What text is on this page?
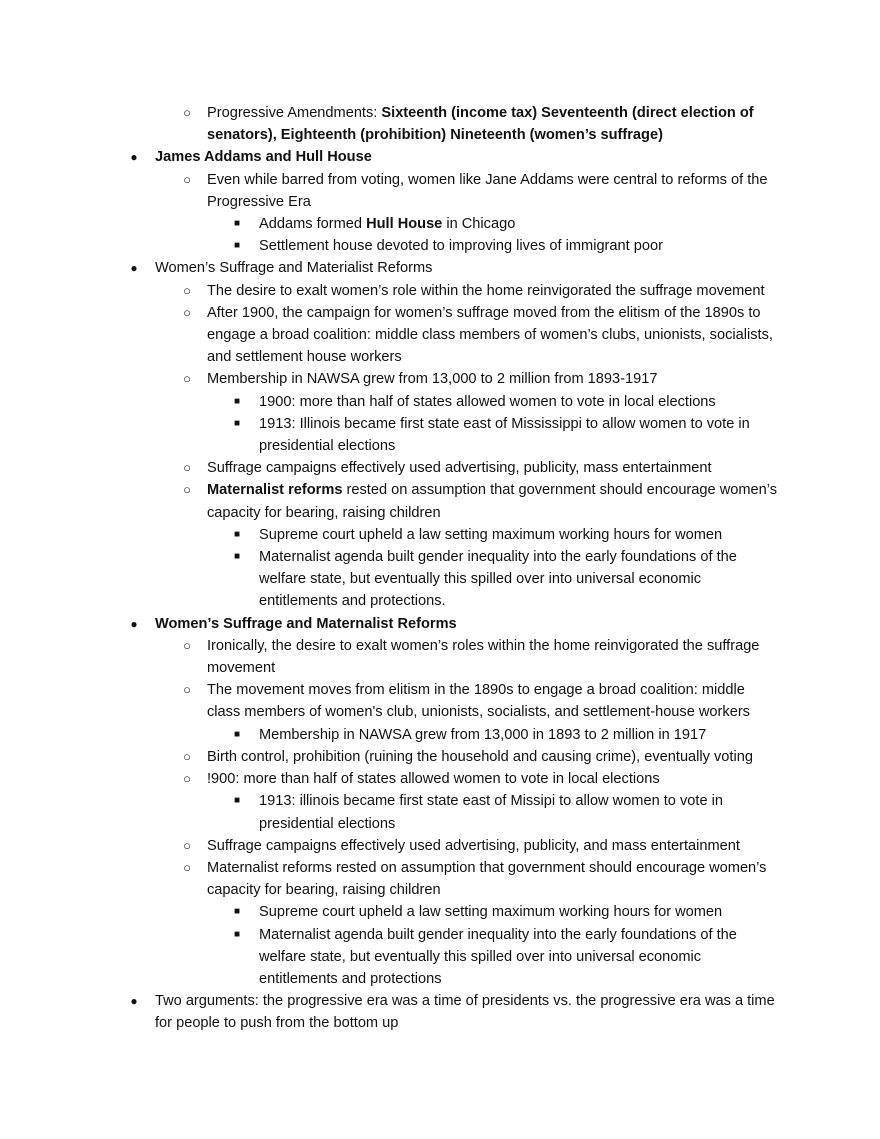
○ Progressive Amendments: Sixteenth (income tax) Seventeenth (direct election of
senators), Eighteenth (prohibition) Nineteenth (women’s suffrage)
● James Addams and Hull House
○ Even while barred from voting, women like Jane Addams were central to reforms of the
Progressive Era
■ Addams formed Hull House in Chicago
■ Settlement house devoted to improving lives of immigrant poor
● Women’s Suffrage and Materialist Reforms
○ The desire to exalt women’s role within the home reinvigorated the suffrage movement
○ After 1900, the campaign for women’s suffrage moved from the elitism of the 1890s to
engage a broad coalition: middle class members of women’s clubs, unionists, socialists,
and settlement house workers
○ Membership in NAWSA grew from 13,000 to 2 million from 1893-1917
■ 1900: more than half of states allowed women to vote in local elections
■ 1913: Illinois became first state east of Mississippi to allow women to vote in
presidential elections
○ Suffrage campaigns effectively used advertising, publicity, mass entertainment
○ Maternalist reforms rested on assumption that government should encourage women’s
capacity for bearing, raising children
■ Supreme court upheld a law setting maximum working hours for women
■ Maternalist agenda built gender inequality into the early foundations of the
welfare state, but eventually this spilled over into universal economic
entitlements and protections.
● Women’s Suffrage and Maternalist Reforms
○ Ironically, the desire to exalt women’s roles within the home reinvigorated the suffrage
movement
○ The movement moves from elitism in the 1890s to engage a broad coalition: middle
class members of women's club, unionists, socialists, and settlement-house workers
■ Membership in NAWSA grew from 13,000 in 1893 to 2 million in 1917
○ Birth control, prohibition (ruining the household and causing crime), eventually voting
○ !900: more than half of states allowed women to vote in local elections
■ 1913: illinois became first state east of Missipi to allow women to vote in
presidential elections
○ Suffrage campaigns effectively used advertising, publicity, and mass entertainment
○ Maternalist reforms rested on assumption that government should encourage women’s
capacity for bearing, raising children
■ Supreme court upheld a law setting maximum working hours for women
■ Maternalist agenda built gender inequality into the early foundations of the
welfare state, but eventually this spilled over into universal economic
entitlements and protections
● Two arguments: the progressive era was a time of presidents vs. the progressive era was a time
for people to push from the bottom up
